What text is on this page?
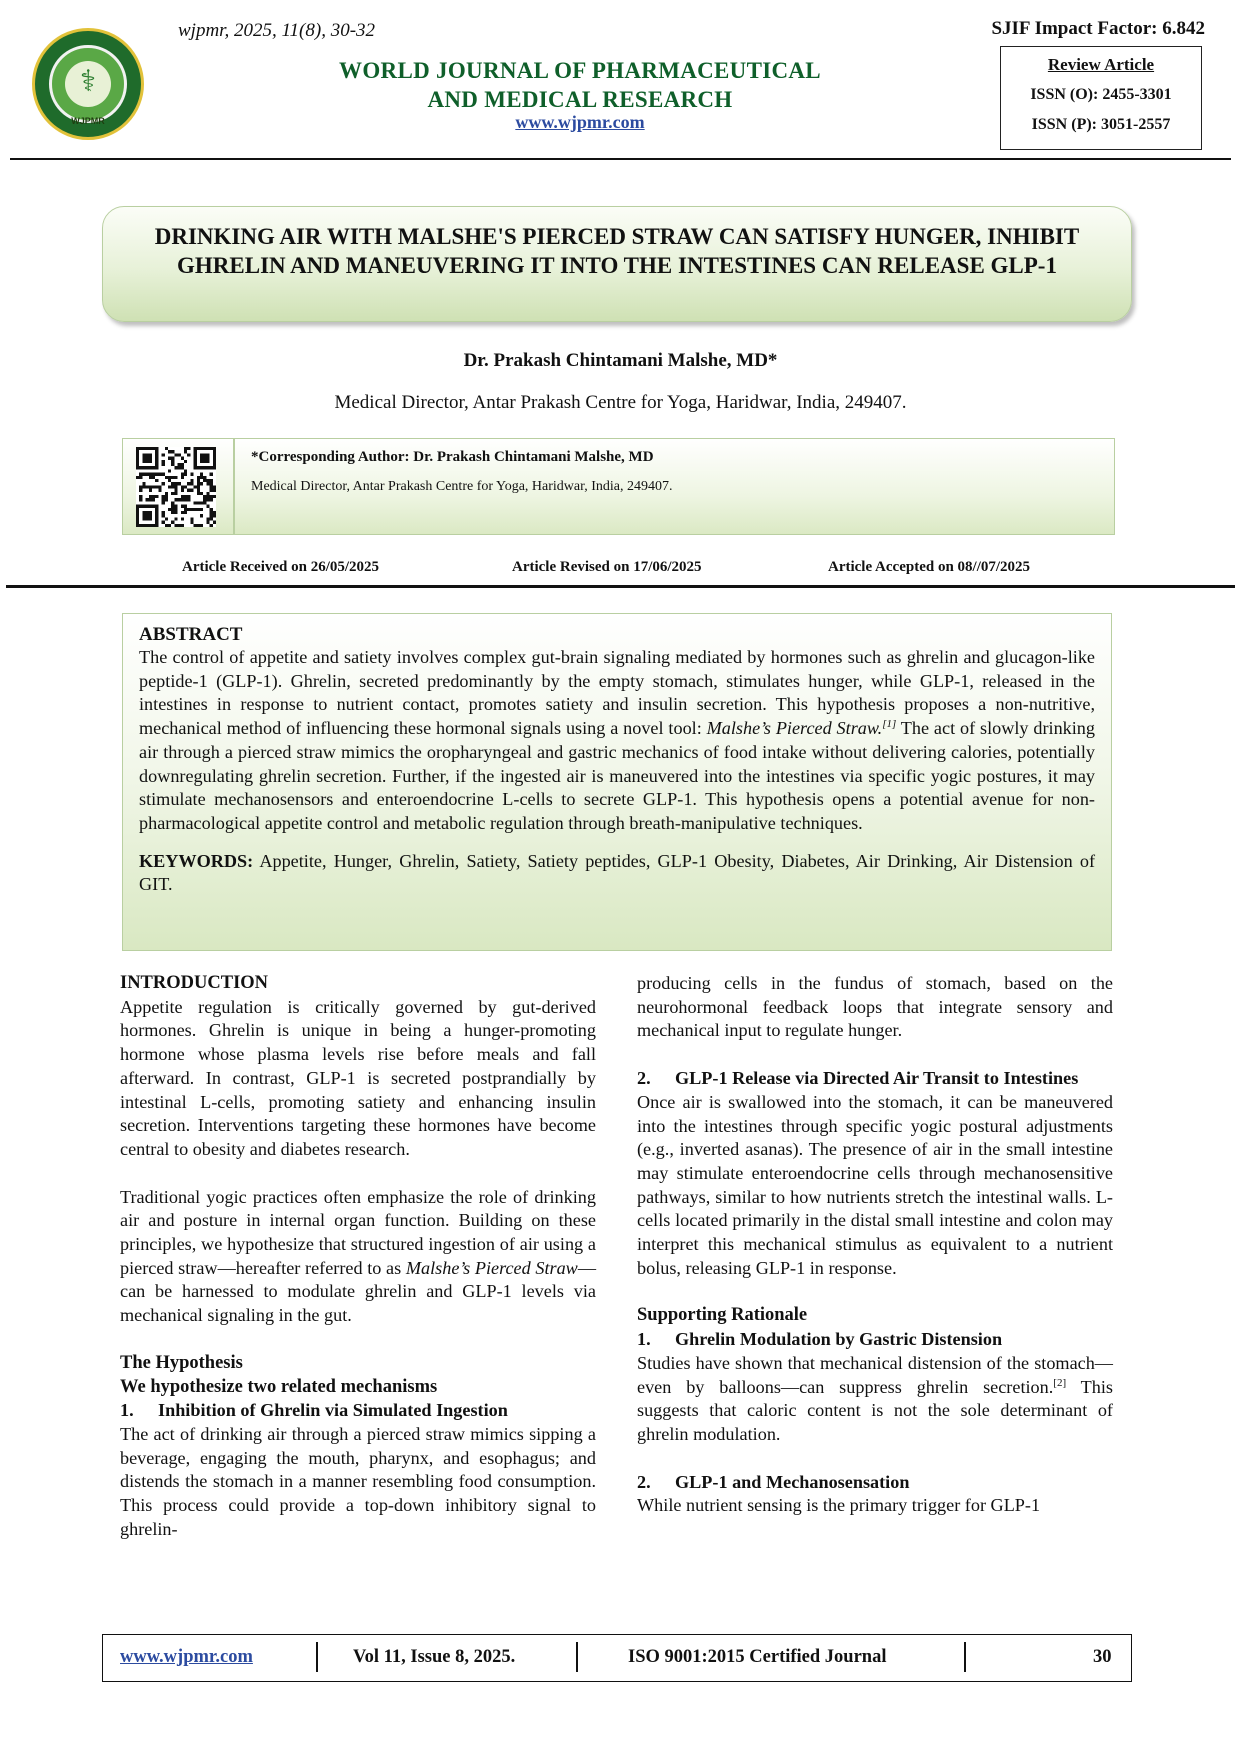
⚕
WJPMR
wjpmr, 2025, 11(8), 30-32
WORLD JOURNAL OF PHARMACEUTICAL
AND MEDICAL RESEARCH
www.wjpmr.com
SJIF Impact Factor: 6.842
Review Article
ISSN (O): 2455-3301
ISSN (P): 3051-2557
DRINKING AIR WITH MALSHE'S PIERCED STRAW CAN SATISFY HUNGER, INHIBIT GHRELIN AND MANEUVERING IT INTO THE INTESTINES CAN RELEASE GLP-1
Dr. Prakash Chintamani Malshe, MD*
Medical Director, Antar Prakash Centre for Yoga, Haridwar, India, 249407.
*Corresponding Author: Dr. Prakash Chintamani Malshe, MD
Medical Director, Antar Prakash Centre for Yoga, Haridwar, India, 249407.
Article Received on 26/05/2025	Article Revised on 17/06/2025	Article Accepted on 08//07/2025
ABSTRACT

The control of appetite and satiety involves complex gut-brain signaling mediated by hormones such as ghrelin and glucagon-like peptide-1 (GLP-1). Ghrelin, secreted predominantly by the empty stomach, stimulates hunger, while GLP-1, released in the intestines in response to nutrient contact, promotes satiety and insulin secretion. This hypothesis proposes a non-nutritive, mechanical method of influencing these hormonal signals using a novel tool: Malshe’s Pierced Straw.[1] The act of slowly drinking air through a pierced straw mimics the oropharyngeal and gastric mechanics of food intake without delivering calories, potentially downregulating ghrelin secretion. Further, if the ingested air is maneuvered into the intestines via specific yogic postures, it may stimulate mechanosensors and enteroendocrine L-cells to secrete GLP-1. This hypothesis opens a potential avenue for non-pharmacological appetite control and metabolic regulation through breath-manipulative techniques.

KEYWORDS: Appetite, Hunger, Ghrelin, Satiety, Satiety peptides, GLP-1 Obesity, Diabetes, Air Drinking, Air Distension of GIT.

INTRODUCTION

Appetite regulation is critically governed by gut-derived hormones. Ghrelin is unique in being a hunger-promoting hormone whose plasma levels rise before meals and fall afterward. In contrast, GLP-1 is secreted postprandially by intestinal L-cells, promoting satiety and enhancing insulin secretion. Interventions targeting these hormones have become central to obesity and diabetes research.

Traditional yogic practices often emphasize the role of drinking air and posture in internal organ function. Building on these principles, we hypothesize that structured ingestion of air using a pierced straw—hereafter referred to as Malshe’s Pierced Straw—can be harnessed to modulate ghrelin and GLP-1 levels via mechanical signaling in the gut.

The Hypothesis
We hypothesize two related mechanisms
1.	Inhibition of Ghrelin via Simulated Ingestion

The act of drinking air through a pierced straw mimics sipping a beverage, engaging the mouth, pharynx, and esophagus; and distends the stomach in a manner resembling food consumption. This process could provide a top-down inhibitory signal to ghrelin-

producing cells in the fundus of stomach, based on the neurohormonal feedback loops that integrate sensory and mechanical input to regulate hunger.

2.	GLP-1 Release via Directed Air Transit to Intestines

Once air is swallowed into the stomach, it can be maneuvered into the intestines through specific yogic postural adjustments (e.g., inverted asanas). The presence of air in the small intestine may stimulate enteroendocrine cells through mechanosensitive pathways, similar to how nutrients stretch the intestinal walls. L-cells located primarily in the distal small intestine and colon may interpret this mechanical stimulus as equivalent to a nutrient bolus, releasing GLP-1 in response.

Supporting Rationale
1.	Ghrelin Modulation by Gastric Distension

Studies have shown that mechanical distension of the stomach—even by balloons—can suppress ghrelin secretion.[2] This suggests that caloric content is not the sole determinant of ghrelin modulation.

2.	GLP-1 and Mechanosensation

While nutrient sensing is the primary trigger for GLP-1

www.wjpmr.com	Vol 11, Issue 8, 2025.	ISO 9001:2015 Certified Journal	30
